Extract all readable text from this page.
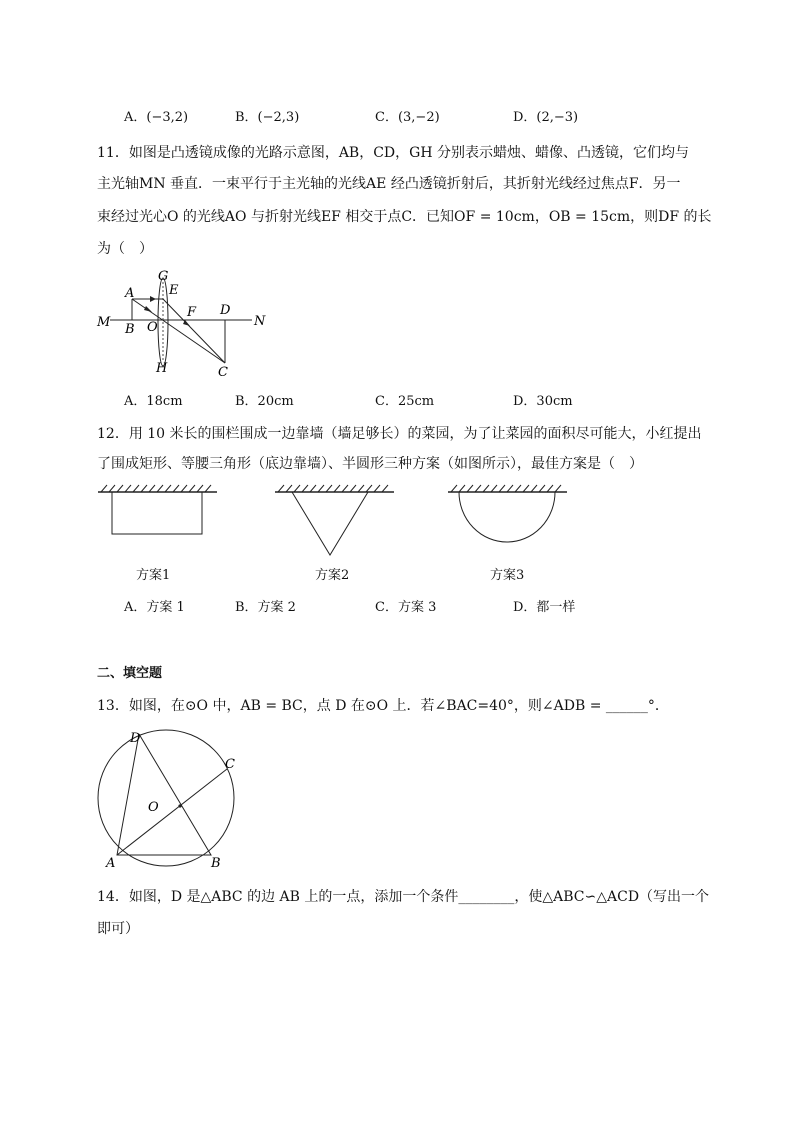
A．(−3,2)	B．(−2,3)	C．(3,−2)	D．(2,−3)
11．如图是凸透镜成像的光路示意图，AB，CD，GH 分别表示蜡烛、蜡像、凸透镜，它们均与
主光轴MN 垂直．一束平行于主光轴的光线AE 经凸透镜折射后，其折射光线经过焦点F．另一
束经过光心O 的光线AO 与折射光线EF 相交于点C．已知OF = 10cm，OB = 15cm，则DF 的长
为（　）
G
A	E
F D
M B O	N
H	C
A．18cm	B．20cm	C．25cm	D．30cm
12．用 10 米长的围栏围成一边靠墙（墙足够长）的菜园，为了让菜园的面积尽可能大，小红提出
了围成矩形、等腰三角形（底边靠墙）、半圆形三种方案（如图所示），最佳方案是（　）
方案1	方案2	方案3
A．方案 1	B．方案 2	C．方案 3	D．都一样
二、填空题
13．如图，在⊙O 中，AB = BC，点 D 在⊙O 上．若∠BAC=40°，则∠ADB = ______°．
D
C
O
A	B
14．如图，D 是△ABC 的边 AB 上的一点，添加一个条件________，使△ABC∽△ACD（写出一个
即可）
